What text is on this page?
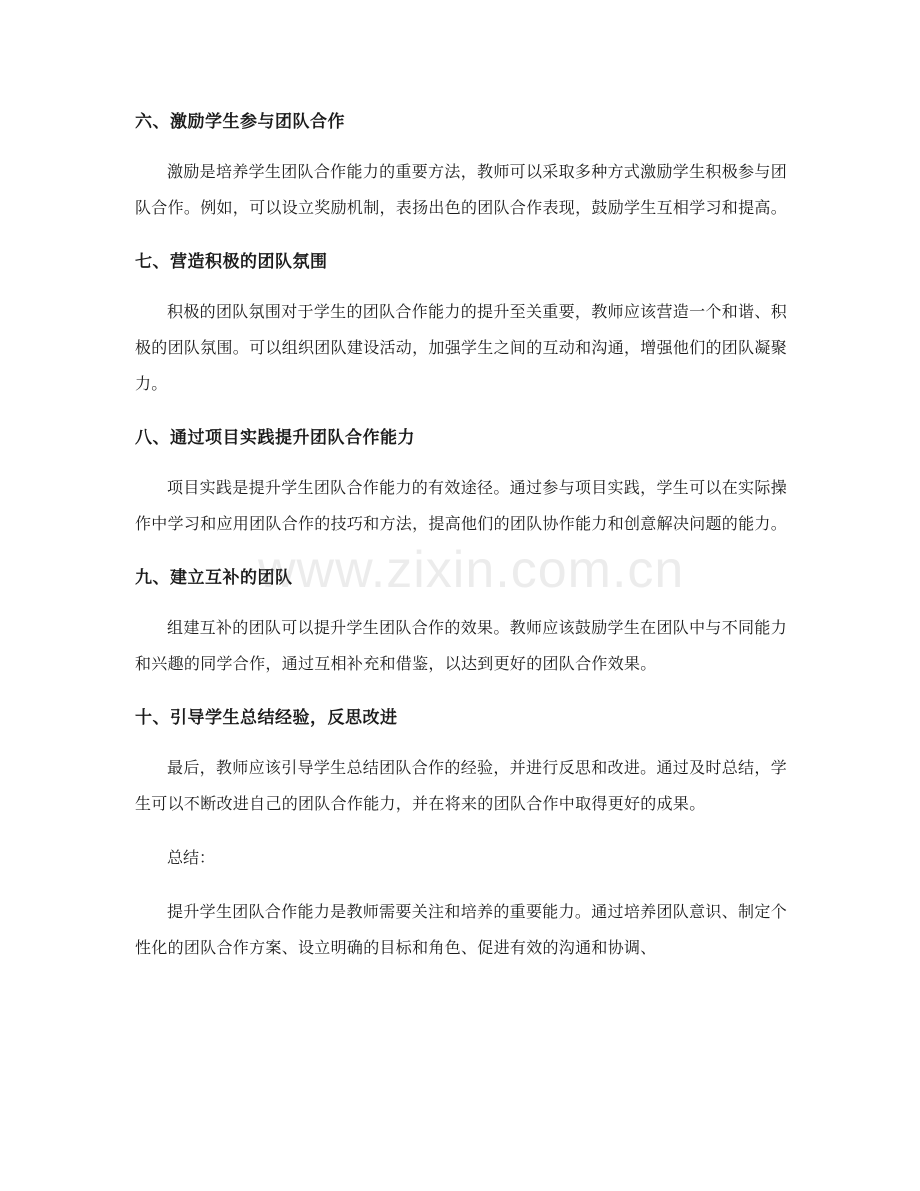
六、激励学生参与团队合作
激励是培养学生团队合作能力的重要方法，教师可以采取多种方式激励学生积极参与团队合作。例如，可以设立奖励机制，表扬出色的团队合作表现，鼓励学生互相学习和提高。
七、营造积极的团队氛围
积极的团队氛围对于学生的团队合作能力的提升至关重要，教师应该营造一个和谐、积极的团队氛围。可以组织团队建设活动，加强学生之间的互动和沟通，增强他们的团队凝聚力。
八、通过项目实践提升团队合作能力
项目实践是提升学生团队合作能力的有效途径。通过参与项目实践，学生可以在实际操作中学习和应用团队合作的技巧和方法，提高他们的团队协作能力和创意解决问题的能力。
九、建立互补的团队
组建互补的团队可以提升学生团队合作的效果。教师应该鼓励学生在团队中与不同能力和兴趣的同学合作，通过互相补充和借鉴，以达到更好的团队合作效果。
十、引导学生总结经验，反思改进
最后，教师应该引导学生总结团队合作的经验，并进行反思和改进。通过及时总结，学生可以不断改进自己的团队合作能力，并在将来的团队合作中取得更好的成果。
总结：
提升学生团队合作能力是教师需要关注和培养的重要能力。通过培养团队意识、制定个性化的团队合作方案、设立明确的目标和角色、促进有效的沟通和协调、
www.zixin.com.cn
